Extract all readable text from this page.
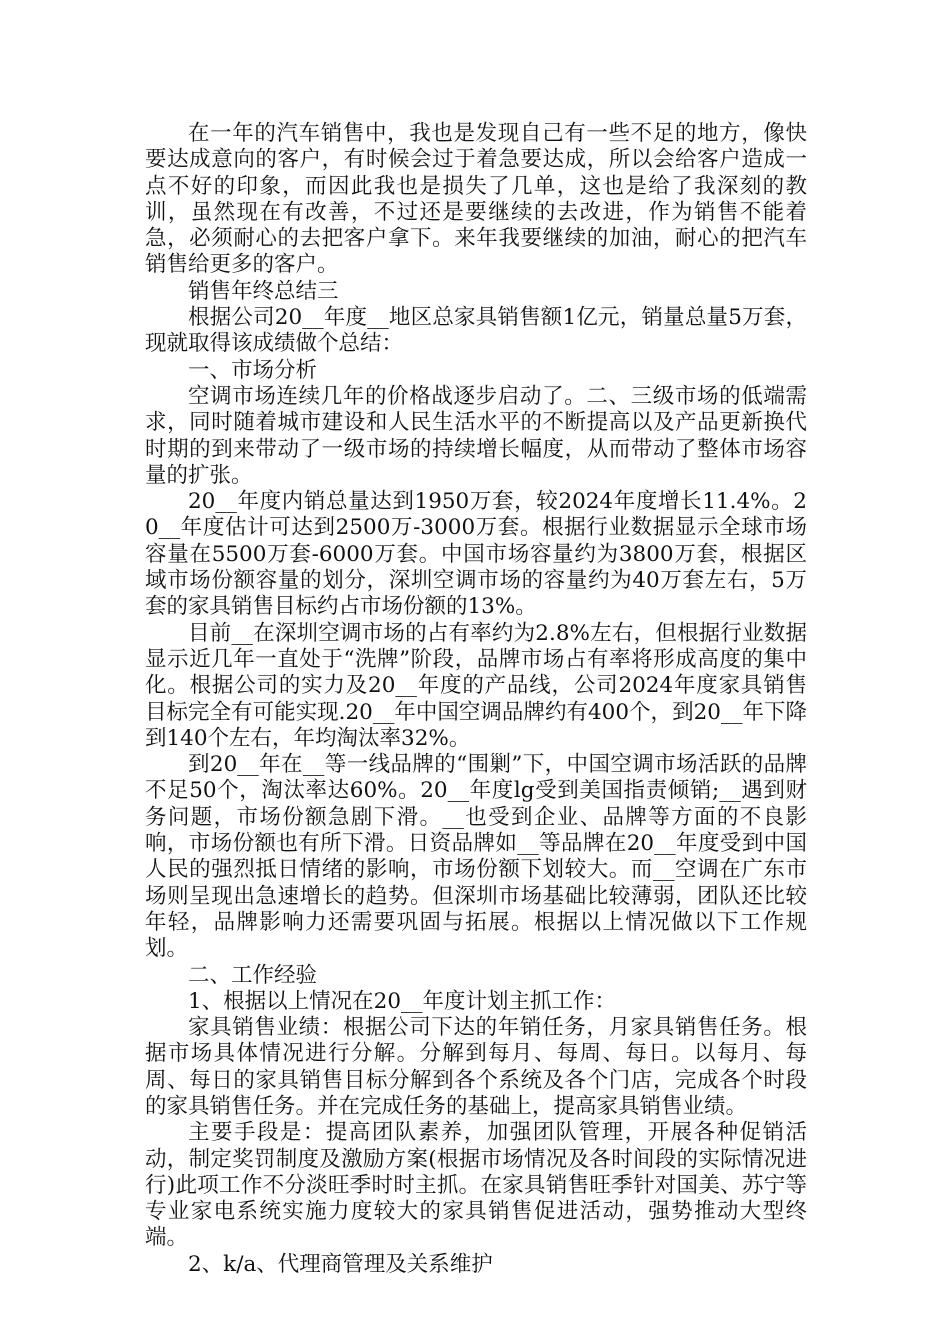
在一年的汽车销售中，我也是发现自己有一些不足的地方，像快要达成意向的客户，有时候会过于着急要达成，所以会给客户造成一点不好的印象，而因此我也是损失了几单，这也是给了我深刻的教训，虽然现在有改善，不过还是要继续的去改进，作为销售不能着急，必须耐心的去把客户拿下。来年我要继续的加油，耐心的把汽车销售给更多的客户。

销售年终总结三

根据公司20__年度__地区总家具销售额1亿元，销量总量5万套，现就取得该成绩做个总结：

一、市场分析

空调市场连续几年的价格战逐步启动了。二、三级市场的低端需求，同时随着城市建设和人民生活水平的不断提高以及产品更新换代时期的到来带动了一级市场的持续增长幅度，从而带动了整体市场容量的扩张。

20__年度内销总量达到1950万套，较2024年度增长11.4%。20__年度估计可达到2500万-3000万套。根据行业数据显示全球市场容量在5500万套-6000万套。中国市场容量约为3800万套，根据区域市场份额容量的划分，深圳空调市场的容量约为40万套左右，5万套的家具销售目标约占市场份额的13%。

目前__在深圳空调市场的占有率约为2.8%左右，但根据行业数据显示近几年一直处于“洗牌”阶段，品牌市场占有率将形成高度的集中化。根据公司的实力及20__年度的产品线，公司2024年度家具销售目标完全有可能实现.20__年中国空调品牌约有400个，到20__年下降到140个左右，年均淘汰率32%。

到20__年在__等一线品牌的“围剿”下，中国空调市场活跃的品牌不足50个，淘汰率达60%。20__年度lg受到美国指责倾销;__遇到财务问题，市场份额急剧下滑。__也受到企业、品牌等方面的不良影响，市场份额也有所下滑。日资品牌如__等品牌在20__年度受到中国人民的强烈抵日情绪的影响，市场份额下划较大。而__空调在广东市场则呈现出急速增长的趋势。但深圳市场基础比较薄弱，团队还比较年轻，品牌影响力还需要巩固与拓展。根据以上情况做以下工作规划。

二、工作经验

1、根据以上情况在20__年度计划主抓工作：

家具销售业绩：根据公司下达的年销任务，月家具销售任务。根据市场具体情况进行分解。分解到每月、每周、每日。以每月、每周、每日的家具销售目标分解到各个系统及各个门店，完成各个时段的家具销售任务。并在完成任务的基础上，提高家具销售业绩。

主要手段是：提高团队素养，加强团队管理，开展各种促销活动，制定奖罚制度及激励方案(根据市场情况及各时间段的实际情况进行)此项工作不分淡旺季时时主抓。在家具销售旺季针对国美、苏宁等专业家电系统实施力度较大的家具销售促进活动，强势推动大型终端。

2、k/a、代理商管理及关系维护
